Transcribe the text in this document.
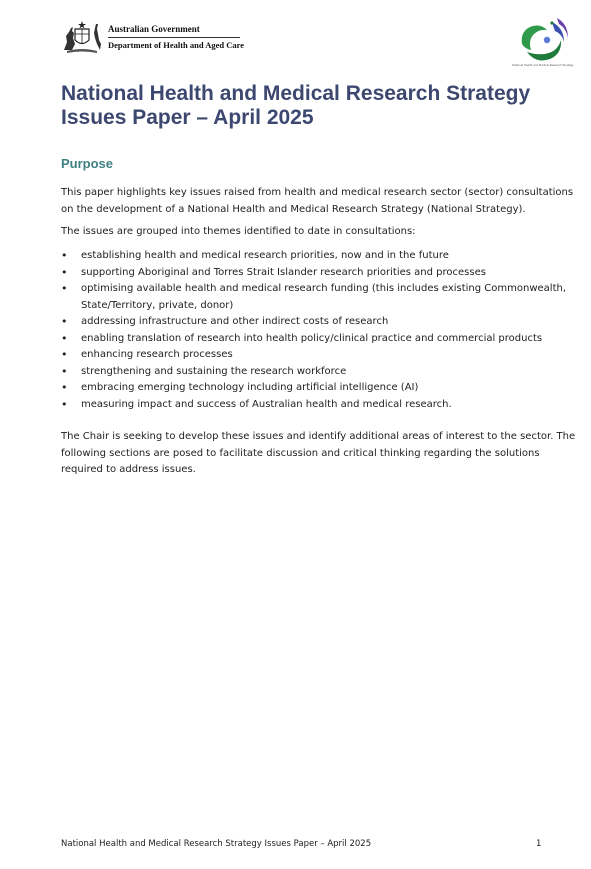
Australian Government
Department of Health and Aged Care
National Health and Medical Research Strategy
National Health and Medical Research Strategy
Issues Paper – April 2025
Purpose
This paper highlights key issues raised from health and medical research sector (sector) consultations
on the development of a National Health and Medical Research Strategy (National Strategy).
The issues are grouped into themes identified to date in consultations:
• establishing health and medical research priorities, now and in the future
• supporting Aboriginal and Torres Strait Islander research priorities and processes
• optimising available health and medical research funding (this includes existing Commonwealth,
State/Territory, private, donor)
• addressing infrastructure and other indirect costs of research
• enabling translation of research into health policy/clinical practice and commercial products
• enhancing research processes
• strengthening and sustaining the research workforce
• embracing emerging technology including artificial intelligence (AI)
• measuring impact and success of Australian health and medical research.
The Chair is seeking to develop these issues and identify additional areas of interest to the sector. The
following sections are posed to facilitate discussion and critical thinking regarding the solutions
required to address issues.
National Health and Medical Research Strategy Issues Paper – April 2025	1
